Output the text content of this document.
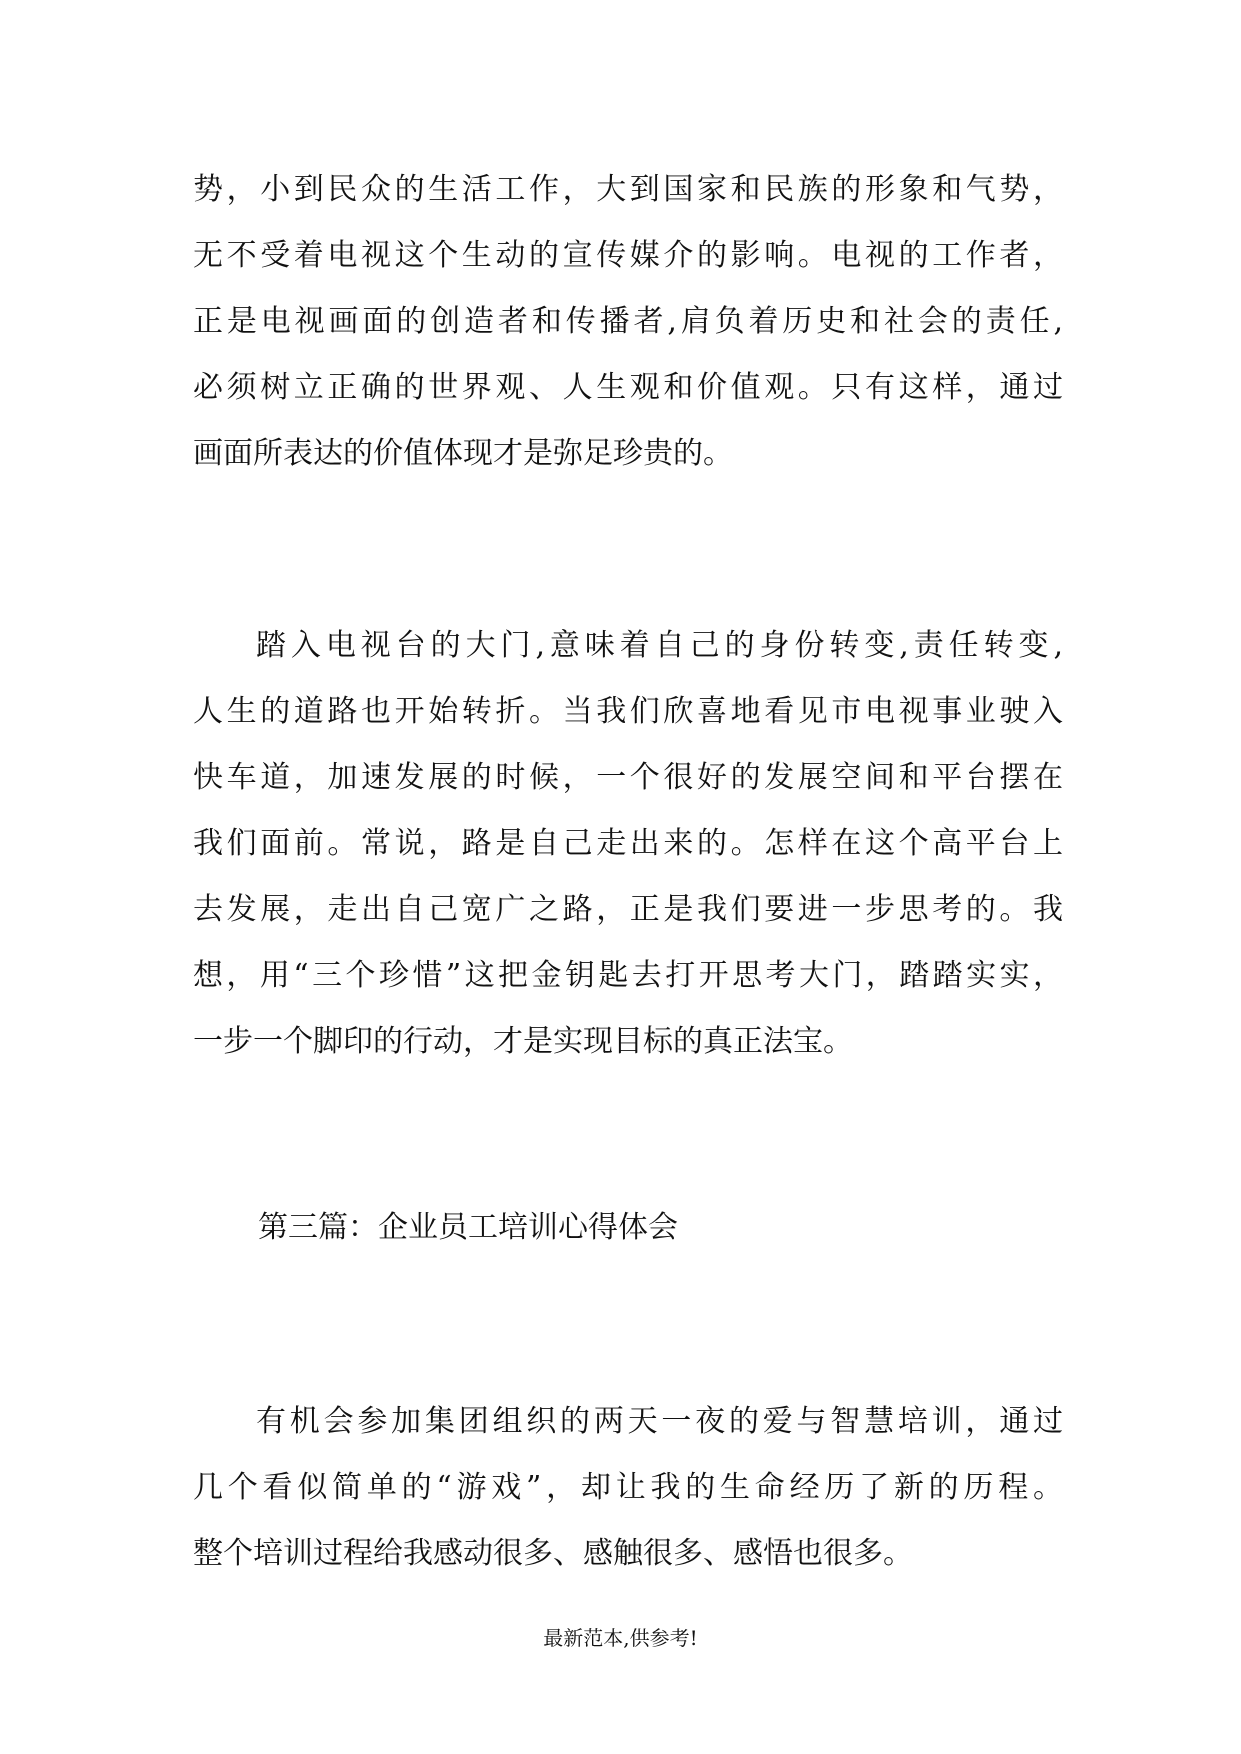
势，小到民众的生活工作，大到国家和民族的形象和气势，
无不受着电视这个生动的宣传媒介的影响。电视的工作者，
正是电视画面的创造者和传播者,肩负着历史和社会的责任,
必须树立正确的世界观、人生观和价值观。只有这样，通过
画面所表达的价值体现才是弥足珍贵的。
踏入电视台的大门,意味着自己的身份转变,责任转变,
人生的道路也开始转折。当我们欣喜地看见市电视事业驶入
快车道，加速发展的时候，一个很好的发展空间和平台摆在
我们面前。常说，路是自己走出来的。怎样在这个高平台上
去发展，走出自己宽广之路，正是我们要进一步思考的。我
想，用“三个珍惜”这把金钥匙去打开思考大门，踏踏实实，
一步一个脚印的行动，才是实现目标的真正法宝。
第三篇：企业员工培训心得体会
有机会参加集团组织的两天一夜的爱与智慧培训，通过
几个看似简单的“游戏”，却让我的生命经历了新的历程。
整个培训过程给我感动很多、感触很多、感悟也很多。
最新范本,供参考!
